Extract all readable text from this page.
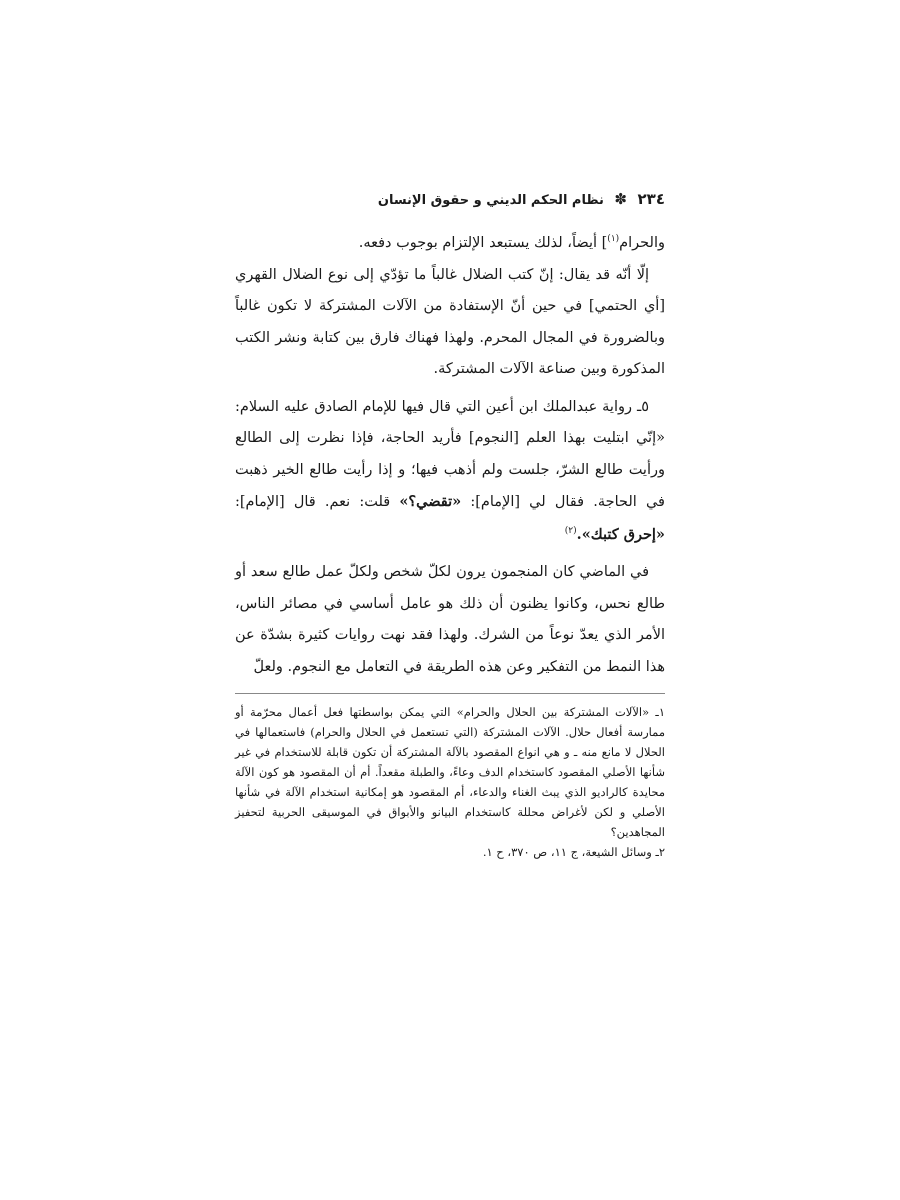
٢٣٤ ✽ نظام الحكم الديني و حقوق الإنسان

والحرام$^{(١)}$] أيضاً، لذلك يستبعد الإلتزام بوجوب دفعه.

إلّا أنّه قد يقال: إنّ كتب الضلال غالباً ما تؤدّي إلى نوع الضلال القهري [أي الحتمي] في حين أنّ الإستفادة من الآلات المشتركة لا تكون غالباً وبالضرورة في المجال المحرم. ولهذا فهناك فارق بين كتابة ونشر الكتب المذكورة وبين صناعة الآلات المشتركة.

٥ـ رواية عبدالملك ابن أعين التي قال فيها للإمام الصادق عليه السلام: «إنّي ابتليت بهذا العلم [النجوم] فأريد الحاجة، فإذا نظرت إلى الطالع ورأيت طالع الشرّ، جلست ولم أذهب فيها؛ و إذا رأيت طالع الخير ذهبت في الحاجة. فقال لي [الإمام]: «تقضي؟» قلت: نعم. قال [الإمام]: «إحرق كتبك».$^{(٢)}$

في الماضي كان المنجمون يرون لكلّ شخص ولكلّ عمل طالع سعد أو طالع نحس، وكانوا يظنون أن ذلك هو عامل أساسي في مصائر الناس، الأمر الذي يعدّ نوعاً من الشرك. ولهذا فقد نهت روايات كثيرة بشدّة عن هذا النمط من التفكير وعن هذه الطريقة في التعامل مع النجوم. ولعلّ

١ـ «الآلات المشتركة بين الحلال والحرام» التي يمكن بواسطتها فعل أعمال محرّمة أو ممارسة أفعال حلال. الآلات المشتركة (التي تستعمل في الحلال والحرام) فاستعمالها في الحلال لا مانع منه ـ و هي انواع المقصود بالآلة المشتركة أن تكون قابلة للاستخدام في غير شأنها الأصلي المقصود كاستخدام الدف وعاءً، والطبلة مقعداً. أم أن المقصود هو كون الآلة محايدة كالراديو الذي يبث الغناء والدعاء، أم المقصود هو إمكانية استخدام الآلة في شأنها الأصلي و لكن لأغراض محللة كاستخدام البيانو والأبواق في الموسيقى الحربية لتحفيز المجاهدين؟

٢ـ وسائل الشيعة، ج ١١، ص ٣٧٠، ح ١.
